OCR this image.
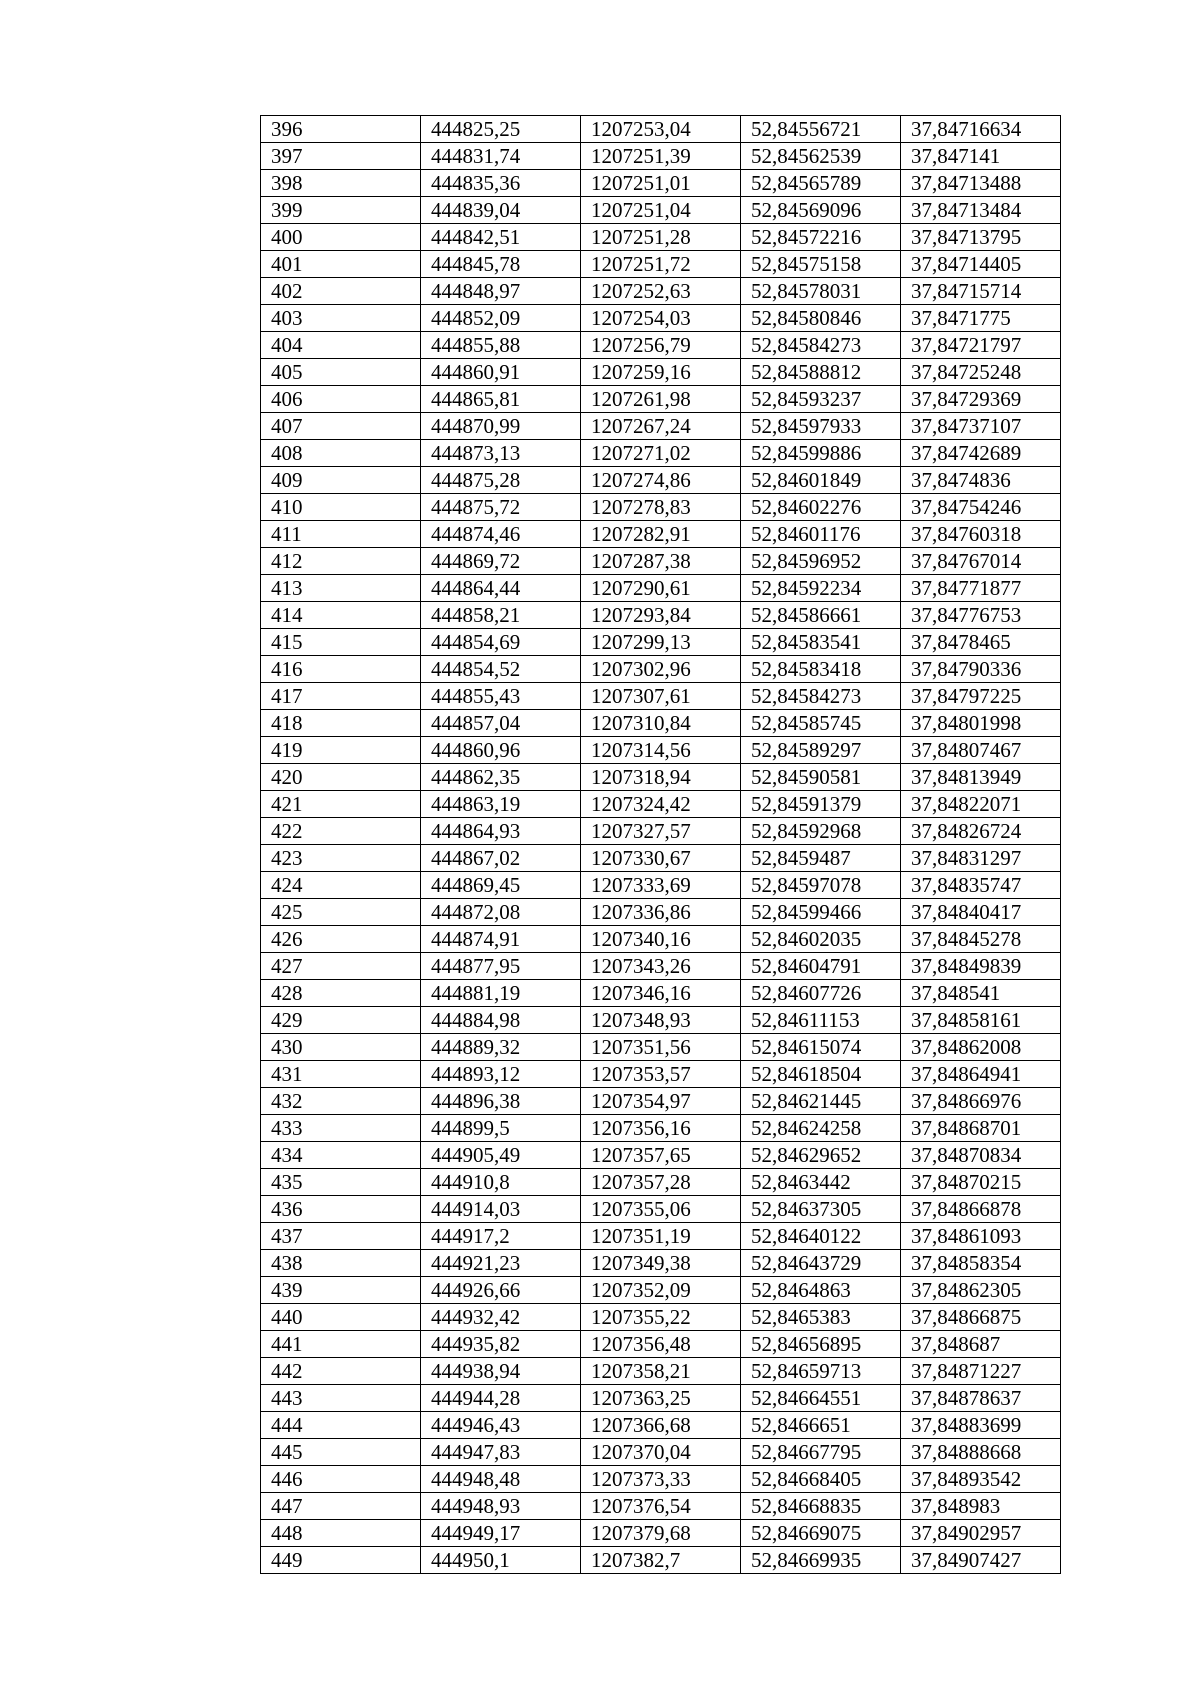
396	444825,25	1207253,04	52,84556721	37,84716634
397	444831,74	1207251,39	52,84562539	37,847141
398	444835,36	1207251,01	52,84565789	37,84713488
399	444839,04	1207251,04	52,84569096	37,84713484
400	444842,51	1207251,28	52,84572216	37,84713795
401	444845,78	1207251,72	52,84575158	37,84714405
402	444848,97	1207252,63	52,84578031	37,84715714
403	444852,09	1207254,03	52,84580846	37,8471775
404	444855,88	1207256,79	52,84584273	37,84721797
405	444860,91	1207259,16	52,84588812	37,84725248
406	444865,81	1207261,98	52,84593237	37,84729369
407	444870,99	1207267,24	52,84597933	37,84737107
408	444873,13	1207271,02	52,84599886	37,84742689
409	444875,28	1207274,86	52,84601849	37,8474836
410	444875,72	1207278,83	52,84602276	37,84754246
411	444874,46	1207282,91	52,84601176	37,84760318
412	444869,72	1207287,38	52,84596952	37,84767014
413	444864,44	1207290,61	52,84592234	37,84771877
414	444858,21	1207293,84	52,84586661	37,84776753
415	444854,69	1207299,13	52,84583541	37,8478465
416	444854,52	1207302,96	52,84583418	37,84790336
417	444855,43	1207307,61	52,84584273	37,84797225
418	444857,04	1207310,84	52,84585745	37,84801998
419	444860,96	1207314,56	52,84589297	37,84807467
420	444862,35	1207318,94	52,84590581	37,84813949
421	444863,19	1207324,42	52,84591379	37,84822071
422	444864,93	1207327,57	52,84592968	37,84826724
423	444867,02	1207330,67	52,8459487	37,84831297
424	444869,45	1207333,69	52,84597078	37,84835747
425	444872,08	1207336,86	52,84599466	37,84840417
426	444874,91	1207340,16	52,84602035	37,84845278
427	444877,95	1207343,26	52,84604791	37,84849839
428	444881,19	1207346,16	52,84607726	37,848541
429	444884,98	1207348,93	52,84611153	37,84858161
430	444889,32	1207351,56	52,84615074	37,84862008
431	444893,12	1207353,57	52,84618504	37,84864941
432	444896,38	1207354,97	52,84621445	37,84866976
433	444899,5	1207356,16	52,84624258	37,84868701
434	444905,49	1207357,65	52,84629652	37,84870834
435	444910,8	1207357,28	52,8463442	37,84870215
436	444914,03	1207355,06	52,84637305	37,84866878
437	444917,2	1207351,19	52,84640122	37,84861093
438	444921,23	1207349,38	52,84643729	37,84858354
439	444926,66	1207352,09	52,8464863	37,84862305
440	444932,42	1207355,22	52,8465383	37,84866875
441	444935,82	1207356,48	52,84656895	37,848687
442	444938,94	1207358,21	52,84659713	37,84871227
443	444944,28	1207363,25	52,84664551	37,84878637
444	444946,43	1207366,68	52,8466651	37,84883699
445	444947,83	1207370,04	52,84667795	37,84888668
446	444948,48	1207373,33	52,84668405	37,84893542
447	444948,93	1207376,54	52,84668835	37,848983
448	444949,17	1207379,68	52,84669075	37,84902957
449	444950,1	1207382,7	52,84669935	37,84907427
